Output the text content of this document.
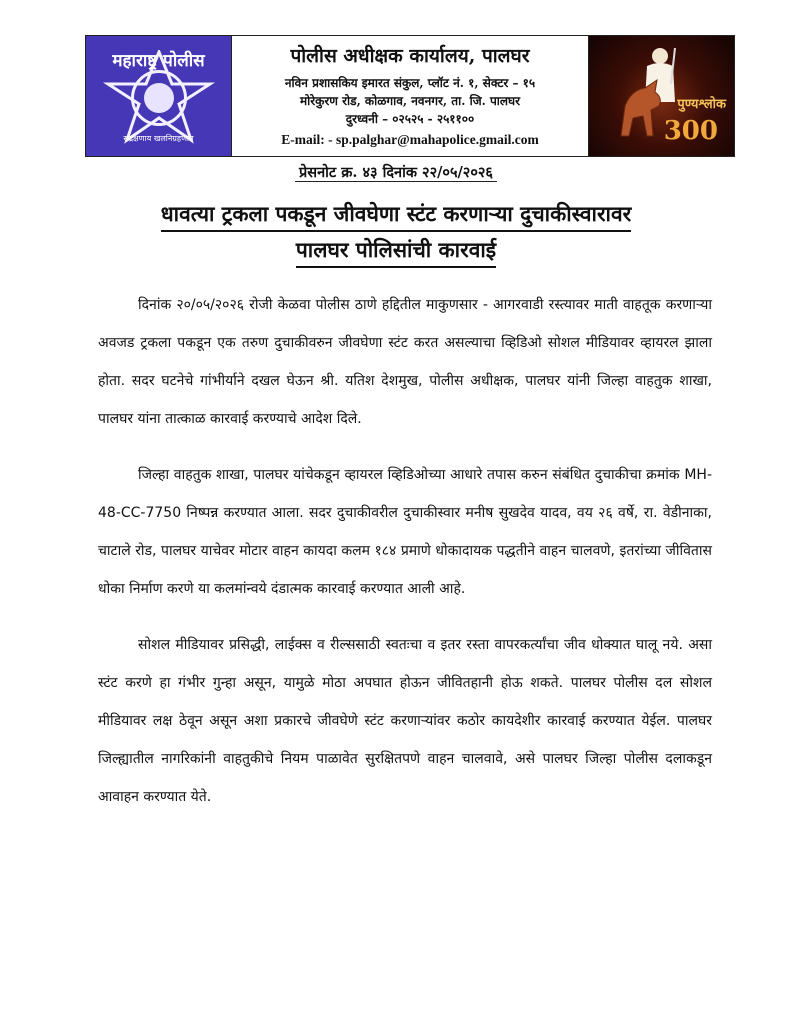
महाराष्ट्र पोलीस
सद्रक्षणाय खलनिग्रहणाय
पोलीस अधीक्षक कार्यालय, पालघर
नविन प्रशासकिय इमारत संकुल, प्लॉट नं. १, सेक्टर – १५
मोरेकुरण रोड, कोळगाव, नवनगर, ता. जि. पालघर
दुरध्वनी – ०२५२५ - २५११००
E-mail: - sp.palghar@mahapolice.gmail.com
पुण्यश्लोक
300
प्रेसनोट क्र. ४३ दिनांक २२/०५/२०२६
धावत्या ट्रकला पकडून जीवघेणा स्टंट करणाऱ्या दुचाकीस्वारावर
पालघर पोलिसांची कारवाई

दिनांक २०/०५/२०२६ रोजी केळवा पोलीस ठाणे हद्दितील माकुणसार - आगरवाडी रस्त्यावर माती वाहतूक करणाऱ्या अवजड ट्रकला पकडून एक तरुण दुचाकीवरुन जीवघेणा स्टंट करत असल्याचा व्हिडिओ सोशल मीडियावर व्हायरल झाला होता. सदर घटनेचे गांभीर्याने दखल घेऊन श्री. यतिश देशमुख, पोलीस अधीक्षक, पालघर यांनी जिल्हा वाहतुक शाखा, पालघर यांना तात्काळ कारवाई करण्याचे आदेश दिले.

जिल्हा वाहतुक शाखा, पालघर यांचेकडून व्हायरल व्हिडिओच्या आधारे तपास करुन संबंधित दुचाकीचा क्रमांक MH-48-CC-7750 निष्पन्न करण्यात आला. सदर दुचाकीवरील दुचाकीस्वार मनीष सुखदेव यादव, वय २६ वर्षे, रा. वेडीनाका, चाटाले रोड, पालघर याचेवर मोटार वाहन कायदा कलम १८४ प्रमाणे धोकादायक पद्धतीने वाहन चालवणे, इतरांच्या जीवितास धोका निर्माण करणे या कलमांन्वये दंडात्मक कारवाई करण्यात आली आहे.

सोशल मीडियावर प्रसिद्धी, लाईक्स व रील्ससाठी स्वतःचा व इतर रस्ता वापरकर्त्यांचा जीव धोक्यात घालू नये. असा स्टंट करणे हा गंभीर गुन्हा असून, यामुळे मोठा अपघात होऊन जीवितहानी होऊ शकते. पालघर पोलीस दल सोशल मीडियावर लक्ष ठेवून असून अशा प्रकारचे जीवघेणे स्टंट करणाऱ्यांवर कठोर कायदेशीर कारवाई करण्यात येईल. पालघर जिल्ह्यातील नागरिकांनी वाहतुकीचे नियम पाळावेत सुरक्षितपणे वाहन चालवावे, असे पालघर जिल्हा पोलीस दलाकडून आवाहन करण्यात येते.
